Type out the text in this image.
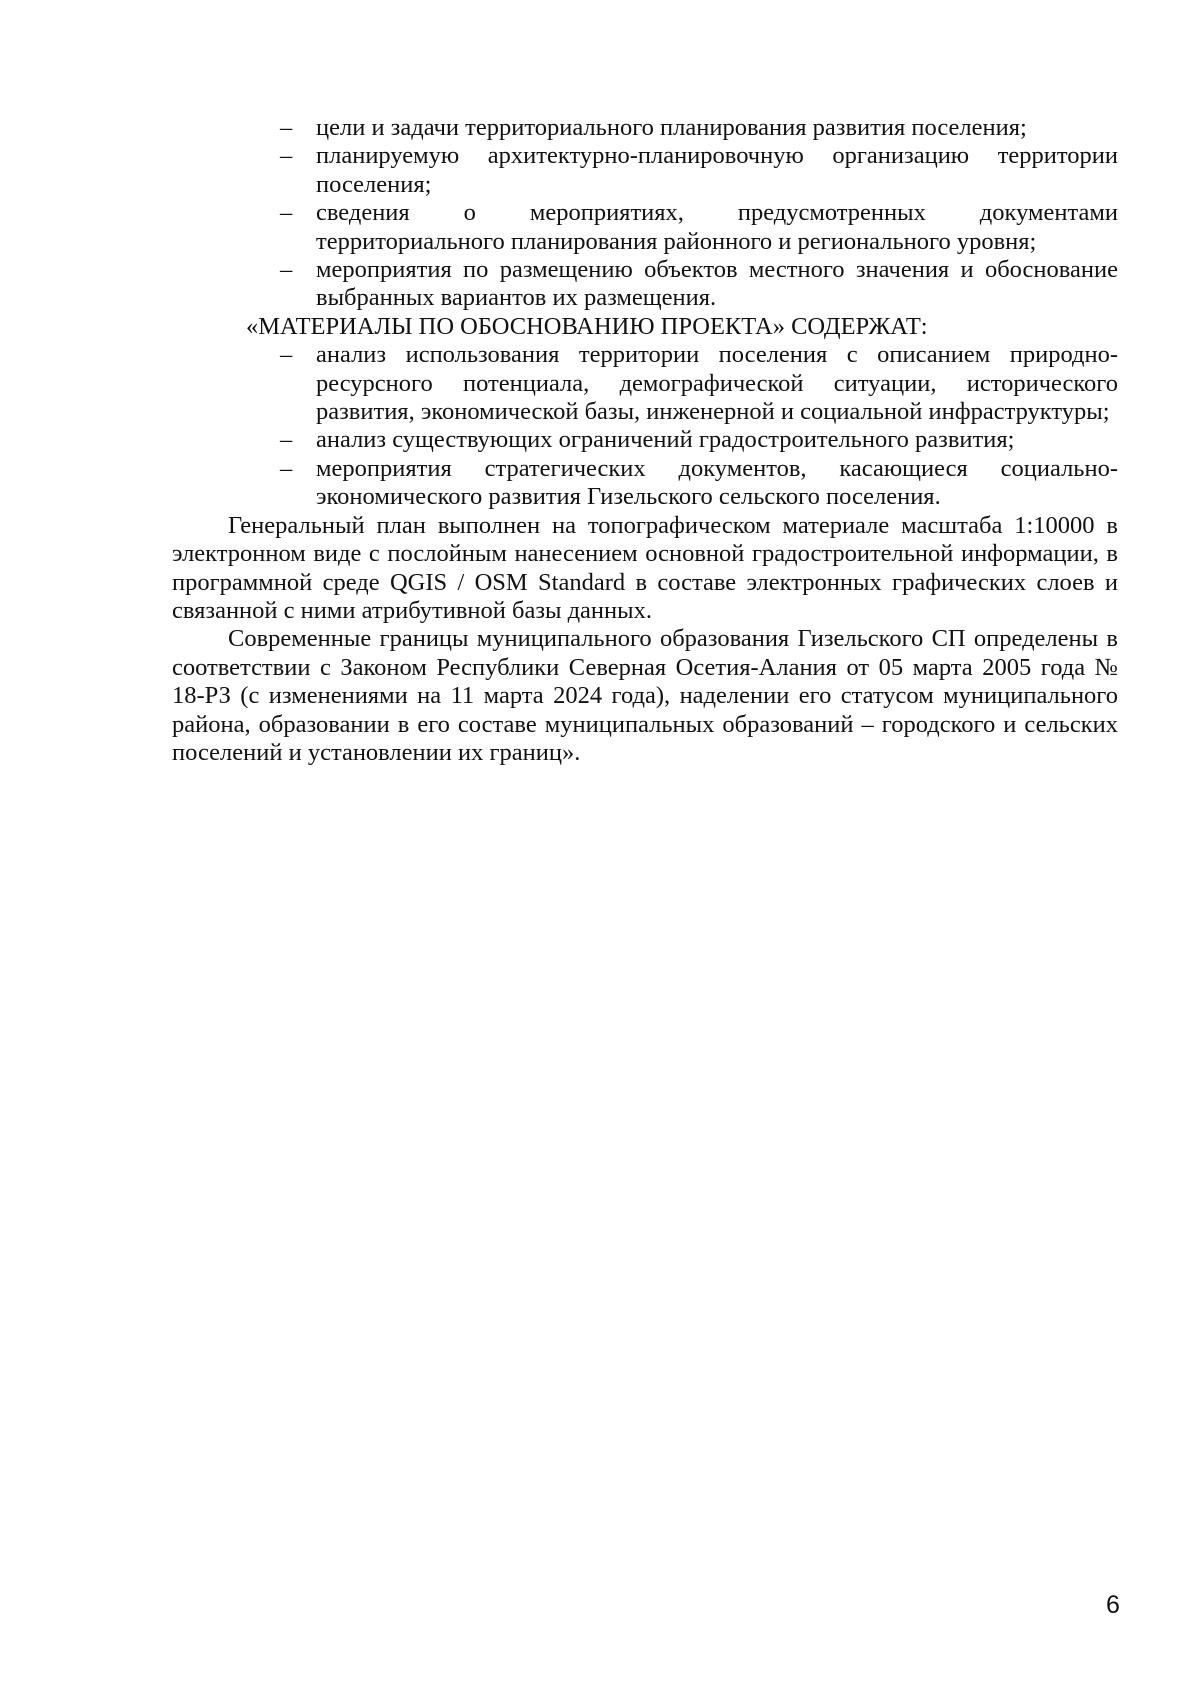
– цели и задачи территориального планирования развития поселения;
– планируемую архитектурно-планировочную организацию территории поселения;
– сведения о мероприятиях, предусмотренных документами территориального планирования районного и регионального уровня;
– мероприятия по размещению объектов местного значения и обоснование выбранных вариантов их размещения.

«МАТЕРИАЛЫ ПО ОБОСНОВАНИЮ ПРОЕКТА» СОДЕРЖАТ:

– анализ использования территории поселения с описанием природно-ресурсного потенциала, демографической ситуации, исторического развития, экономической базы, инженерной и социальной инфраструктуры;
– анализ существующих ограничений градостроительного развития;
– мероприятия стратегических документов, касающиеся социально-экономического развития Гизельского сельского поселения.

Генеральный план выполнен на топографическом материале масштаба 1:10000 в электронном виде с послойным нанесением основной градостроительной информации, в программной среде QGIS / OSM Standard в составе электронных графических слоев и связанной с ними атрибутивной базы данных.

Современные границы муниципального образования Гизельского СП определены в соответствии с Законом Республики Северная Осетия-Алания от 05 марта 2005 года № 18-РЗ (с изменениями на 11 марта 2024 года), наделении его статусом муниципального района, образовании в его составе муниципальных образований – городского и сельских поселений и установлении их границ».

6
